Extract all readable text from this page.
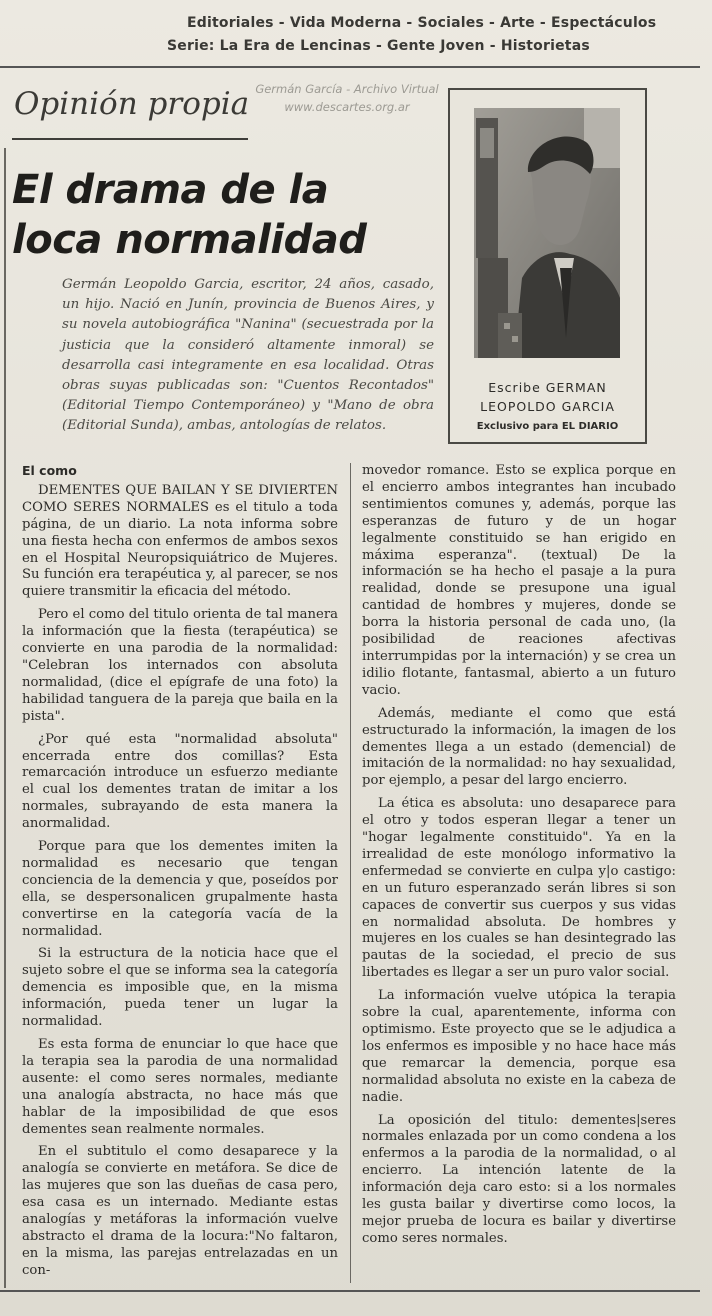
Editoriales - Vida Moderna - Sociales - Arte - Espectáculos
Serie: La Era de Lencinas - Gente Joven - Historietas
Germán García - Archivo Virtual
www.descartes.org.ar
Opinión propia
El drama de la
loca normalidad
Germán Leopoldo Garcia, escritor, 24 años, casado, un hijo. Nació en Junín, provincia de Buenos Aires, y su novela autobiográfica "Nanina" (secuestrada por la justicia que la consideró altamente inmoral) se desarrolla casi integramente en esa localidad. Otras obras suyas publicadas son: "Cuentos Recontados" (Editorial Tiempo Contemporáneo) y "Mano de obra (Editorial Sunda), ambas, antologías de relatos.
Escribe GERMAN
LEOPOLDO GARCIA
Exclusivo para EL DIARIO
El como

DEMENTES QUE BAILAN Y SE DIVIERTEN COMO SERES NORMALES es el titulo a toda página, de un diario. La nota informa sobre una fiesta hecha con enfermos de ambos sexos en el Hospital Neuropsiquiátrico de Mujeres. Su función era terapéutica y, al parecer, se nos quiere transmitir la eficacia del método.

Pero el como del titulo orienta de tal manera la información que la fiesta (terapéutica) se convierte en una parodia de la normalidad: "Celebran los internados con absoluta normalidad, (dice el epígrafe de una foto) la habilidad tanguera de la pareja que baila en la pista".

¿Por qué esta "normalidad absoluta" encerrada entre dos comillas? Esta remarcación introduce un esfuerzo mediante el cual los dementes tratan de imitar a los normales, subrayando de esta manera la anormalidad.

Porque para que los dementes imiten la normalidad es necesario que tengan conciencia de la demencia y que, poseídos por ella, se despersonalicen grupalmente hasta convertirse en la categoría vacía de la normalidad.

Si la estructura de la noticia hace que el sujeto sobre el que se informa sea la categoría demencia es imposible que, en la misma información, pueda tener un lugar la normalidad.

Es esta forma de enunciar lo que hace que la terapia sea la parodia de una normalidad ausente: el como seres normales, mediante una analogía abstracta, no hace más que hablar de la imposibilidad de que esos dementes sean realmente normales.

En el subtitulo el como desaparece y la analogía se convierte en metáfora. Se dice de las mujeres que son las dueñas de casa pero, esa casa es un internado. Mediante estas analogías y metáforas la información vuelve abstracto el drama de la locura:"No faltaron, en la misma, las parejas entrelazadas en un con-

movedor romance. Esto se explica porque en el encierro ambos integrantes han incubado sentimientos comunes y, además, porque las esperanzas de futuro y de un hogar legalmente constituido se han erigido en máxima esperanza". (textual) De la información se ha hecho el pasaje a la pura realidad, donde se presupone una igual cantidad de hombres y mujeres, donde se borra la historia personal de cada uno, (la posibilidad de reaciones afectivas interrumpidas por la internación) y se crea un idilio flotante, fantasmal, abierto a un futuro vacio.

Además, mediante el como que está estructurado la información, la imagen de los dementes llega a un estado (demencial) de imitación de la normalidad: no hay sexualidad, por ejemplo, a pesar del largo encierro.

La ética es absoluta: uno desaparece para el otro y todos esperan llegar a tener un "hogar legalmente constituido". Ya en la irrealidad de este monólogo informativo la enfermedad se convierte en culpa y|o castigo: en un futuro esperanzado serán libres si son capaces de convertir sus cuerpos y sus vidas en normalidad absoluta. De hombres y mujeres en los cuales se han desintegrado las pautas de la sociedad, el precio de sus libertades es llegar a ser un puro valor social.

La información vuelve utópica la terapia sobre la cual, aparentemente, informa con optimismo. Este proyecto que se le adjudica a los enfermos es imposible y no hace hace más que remarcar la demencia, porque esa normalidad absoluta no existe en la cabeza de nadie.

La oposición del titulo: dementes|seres normales enlazada por un como condena a los enfermos a la parodia de la normalidad, o al encierro. La intención latente de la información deja caro esto: si a los normales les gusta bailar y divertirse como locos, la mejor prueba de locura es bailar y divertirse como seres normales.
